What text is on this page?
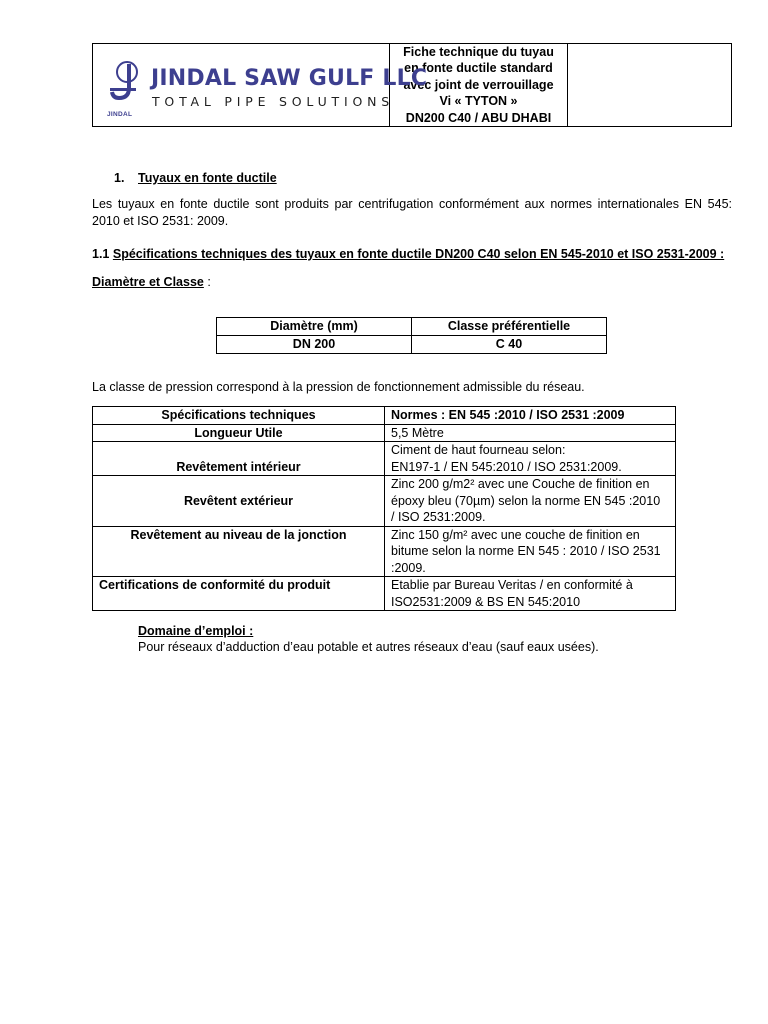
JINDAL
JINDAL SAW GULF LLC
TOTAL PIPE SOLUTIONS
Fiche technique du tuyau
en fonte ductile standard
avec joint de verrouillage
Vi « TYTON »
DN200 C40 / ABU DHABI
1. Tuyaux en fonte ductile
Les tuyaux en fonte ductile sont produits par centrifugation conformément aux normes internationales EN 545: 2010 et ISO 2531: 2009.
1.1 Spécifications techniques des tuyaux en fonte ductile DN200 C40 selon EN 545-2010 et ISO 2531-2009 :
Diamètre et Classe :
Diamètre (mm)	Classe préférentielle
DN 200	C 40
La classe de pression correspond à la pression de fonctionnement admissible du réseau.
Spécifications techniques	Normes : EN 545 :2010 / ISO 2531 :2009
Longueur Utile	5,5 Mètre

Revêtement intérieur	Ciment de haut fourneau selon:
EN197-1 / EN 545:2010 / ISO 2531:2009.

Revêtent extérieur	Zinc 200 g/m2² avec une Couche de finition en
époxy bleu (70µm) selon la norme EN 545 :2010
/ ISO 2531:2009.

Revêtement au niveau de la jonction	Zinc 150 g/m² avec une couche de finition en
bitume selon la norme EN 545 : 2010 / ISO 2531
:2009.

Certifications de conformité du produit	Etablie par Bureau Veritas / en conformité à
ISO2531:2009 & BS EN 545:2010
Domaine d’emploi :
Pour réseaux d’adduction d’eau potable et autres réseaux d’eau (sauf eaux usées).
